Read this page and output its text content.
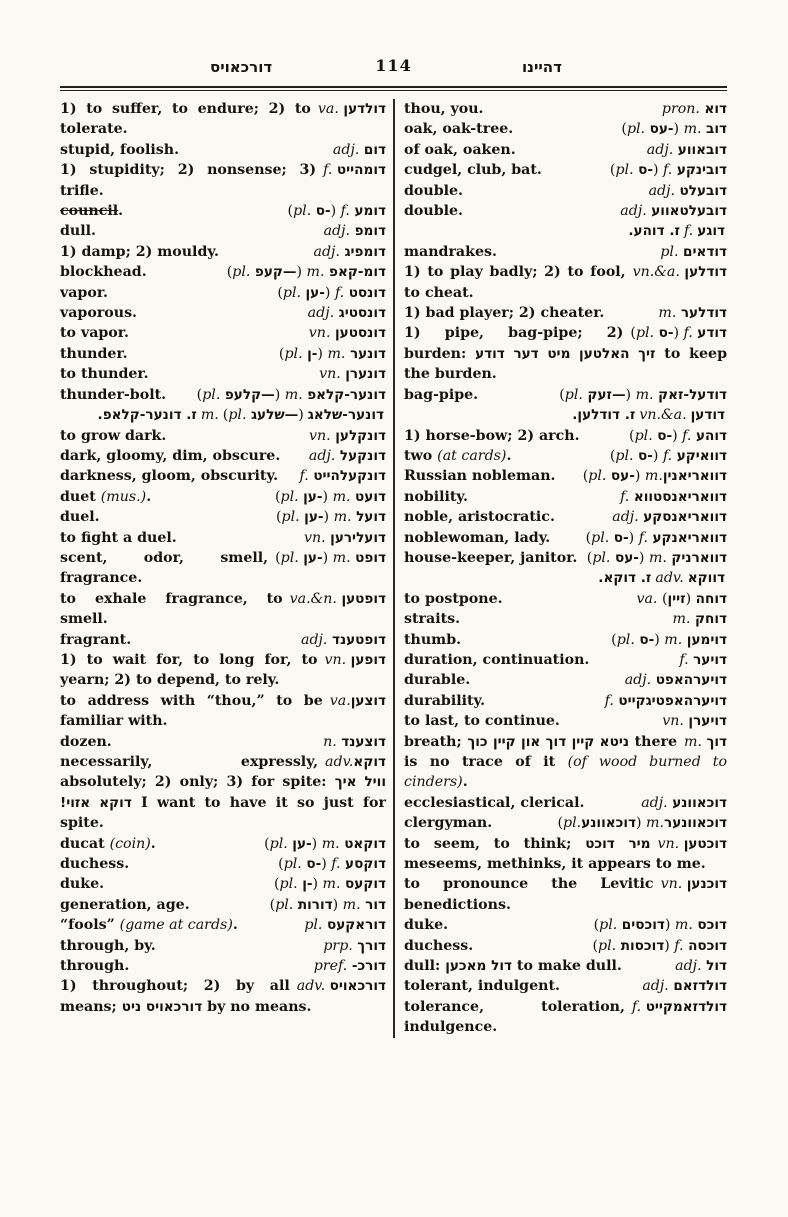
דורכאויס	114	דהיינו
va. דולדען
1) to suffer, to endure; 2) to tolerate.
adj. דום
stupid, foolish.
f. דומהייט
1) stupidity; 2) nonsense; 3) trifle.
(pl. -ס) f. דומע
council.
adj. דומפ
dull.
adj. דומפיג
1) damp; 2) mouldy.
(pl. —קעפ) m. דומ-קאפ
blockhead.
(pl. -ען) f. דונסט
vapor.
adj. דונסטיג
vaporous.
vn. דונסטען
to vapor.
(pl. -ן) m. דונער
thunder.
vn. דונערן
to thunder.
(pl. —קלעפ) m. דונער-קלאפ
thunder-bolt.
דונער-שלאג(pl. —שלעג)m.ז. דונער-קלאפ.
vn. דונקלען
to grow dark.
adj. דונקעל
dark, gloomy, dim, obscure.
f. דונקעלהייט
darkness, gloom, obscurity.
(pl. -ען) m. דועט
duet (mus.).
(pl. -ען) m. דועל
duel.
vn. דועלירען
to fight a duel.
(pl. -ען) m. דופט
scent, odor, smell, fragrance.
va.&n. דופטען
to exhale fragrance, to smell.
adj. דופטענד
fragrant.
vn. דופען
1) to wait for, to long for, to yearn; 2) to depend, to rely.
va.דוצען
to address with “thou,” to be familiar with.
n. דוצענד
dozen.
adv.דוקא
necessarily, expressly, absolutely; 2) only; 3) for spite: וויל איך דוקא אזוי! I want to have it so just for spite.
(pl. -ען) m. דוקאט
ducat (coin).
(pl. -ס) f. דוקסע
duchess.
(pl. -ן) m. דוקעס
duke.
(pl. דורות) m. דור
generation, age.
pl. דוראקעס
“fools” (game at cards).
prp. דורך
through, by.
pref. דורכ-
through.
adv. דורכאויס
1) throughout; 2) by all means; דורכאויס ניט by no means.
pron. דוא
thou, you.
(pl. -עס) m. דוב
oak, oak-tree.
adj. דובאווע
of oak, oaken.
(pl. -ס) f. דובינקע
cudgel, club, bat.
adj. דובעלט
double.
adj. דובעלטאווע
double.
דוגעf.ז. דוהע.
pl. דודאים
mandrakes.
vn.&a. דודלען
1) to play badly; 2) to fool, to cheat.
m. דודלער
1) bad player; 2) cheater.
(pl. -ס) f. דודע
1) pipe, bag-pipe; 2) burden: זיך האלטען מיט דער דודע to keep the burden.
(pl. —זעק) m. דודעל-זאק
bag-pipe.
דודעןvn.&a.ז. דודלען.
(pl. -ס) f. דוהע
1) horse-bow; 2) arch.
(pl. -ס) f. דוואיקע
two (at cards).
(pl. -עס) m.דוואריאנין
Russian nobleman.
f. דוואריאנסטווא
nobility.
adj. דוואריאנסקע
noble, aristocratic.
(pl. -ס) f. דוואריאנקע
noblewoman, lady.
(pl. -עס) m. דווארניק
house-keeper, janitor.
דווקאadv.ז. דוקא.
va. (זיין) דוחה
to postpone.
m. דוחק
straits.
(pl. -ס) m. דוימען
thumb.
f. דויער
duration, continuation.
adj. דויערהאפט
durable.
f. דויערהאפטיגקייט
durability.
vn. דויערן
to last, to continue.
m. דוך
breath; ניטא קיין דוך און קיין כוך there is no trace of it (of wood burned to cinders).
adj. דוכאוונע
ecclesiastical, clerical.
(pl.דוכאוונע) m.דוכאוונער
clergyman.
vn. דוכטען
to seem, to think; מיר דוכט meseems, methinks, it appears to me.
vn. דוכנען
to pronounce the Levitic benedictions.
(pl. דוכסים) m. דוכס
duke.
(pl. דוכסות) f. דוכסה
duchess.
adj. דול
dull: דול מאכען to make dull.
adj. דולדזאם
tolerant, indulgent.
f. דולדזאמקייט
tolerance, toleration, indulgence.
